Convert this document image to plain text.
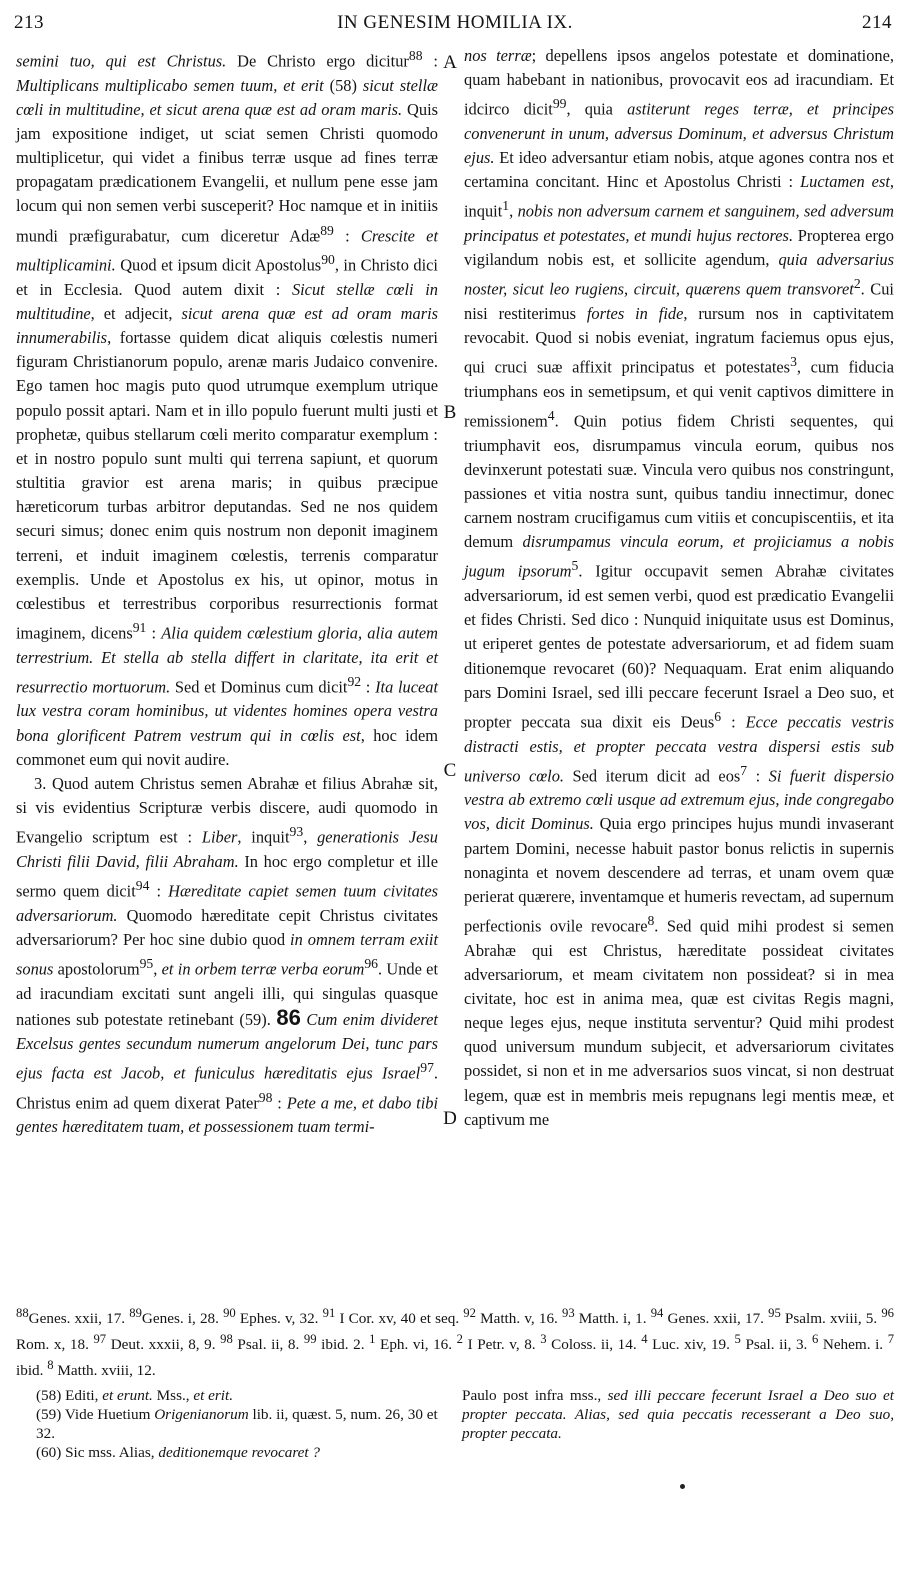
213	IN GENESIM HOMILIA IX.	214

semini tuo, qui est Christus. De Christo ergo dicitur$^{88}$ : Multiplicans multiplicabo semen tuum, et erit (58) sicut stellæ cœli in multitudine, et sicut arena quæ est ad oram maris. Quis jam expositione indiget, ut sciat semen Christi quomodo multiplicetur, qui videt a finibus terræ usque ad fines terræ propagatam prædicationem Evangelii, et nullum pene esse jam locum qui non semen verbi susceperit? Hoc namque et in initiis mundi præfigurabatur, cum diceretur Adæ$^{89}$ : Crescite et multiplicamini. Quod et ipsum dicit Apostolus$^{90}$, in Christo dici et in Ecclesia. Quod autem dixit : Sicut stellæ cœli in multitudine, et adjecit, sicut arena quæ est ad oram maris innumerabilis, fortasse quidem dicat aliquis cœlestis numeri figuram Christianorum populo, arenæ maris Judaico convenire. Ego tamen hoc magis puto quod utrumque exemplum utrique populo possit aptari. Nam et in illo populo fuerunt multi justi et prophetæ, quibus stellarum cœli merito comparatur exemplum : et in nostro populo sunt multi qui terrena sapiunt, et quorum stultitia gravior est arena maris; in quibus præcipue hæreticorum turbas arbitror deputandas. Sed ne nos quidem securi simus; donec enim quis nostrum non deponit imaginem terreni, et induit imaginem cœlestis, terrenis comparatur exemplis. Unde et Apostolus ex his, ut opinor, motus in cœlestibus et terrestribus corporibus resurrectionis format imaginem, dicens$^{91}$ : Alia quidem cœlestium gloria, alia autem terrestrium. Et stella ab stella differt in claritate, ita erit et resurrectio mortuorum. Sed et Dominus cum dicit$^{92}$ : Ita luceat lux vestra coram hominibus, ut videntes homines opera vestra bona glorificent Patrem vestrum qui in cœlis est, hoc idem commonet eum qui novit audire.

3. Quod autem Christus semen Abrahæ et filius Abrahæ sit, si vis evidentius Scripturæ verbis discere, audi quomodo in Evangelio scriptum est : Liber, inquit$^{93}$, generationis Jesu Christi filii David, filii Abraham. In hoc ergo completur et ille sermo quem dicit$^{94}$ : Hæreditate capiet semen tuum civitates adversariorum. Quomodo hæreditate cepit Christus civitates adversariorum? Per hoc sine dubio quod in omnem terram exiit sonus apostolorum$^{95}$, et in orbem terræ verba eorum$^{96}$. Unde et ad iracundiam excitati sunt angeli illi, qui singulas quasque nationes sub potestate retinebant (59). 86 Cum enim divideret Excelsus gentes secundum numerum angelorum Dei, tunc pars ejus facta est Jacob, et funiculus hæreditatis ejus Israel$^{97}$. Christus enim ad quem dixerat Pater$^{98}$ : Pete a me, et dabo tibi gentes hæreditatem tuam, et possessionem tuam termi-

nos terræ; depellens ipsos angelos potestate et dominatione, quam habebant in nationibus, provocavit eos ad iracundiam. Et idcirco dicit$^{99}$, quia astiterunt reges terræ, et principes convenerunt in unum, adversus Dominum, et adversus Christum ejus. Et ideo adversantur etiam nobis, atque agones contra nos et certamina concitant. Hinc et Apostolus Christi : Luctamen est, inquit$^1$, nobis non adversum carnem et sanguinem, sed adversum principatus et potestates, et mundi hujus rectores. Propterea ergo vigilandum nobis est, et sollicite agendum, quia adversarius noster, sicut leo rugiens, circuit, quærens quem transvoret$^2$. Cui nisi restiterimus fortes in fide, rursum nos in captivitatem revocabit. Quod si nobis eveniat, ingratum faciemus opus ejus, qui cruci suæ affixit principatus et potestates$^3$, cum fiducia triumphans eos in semetipsum, et qui venit captivos dimittere in remissionem$^4$. Quin potius fidem Christi sequentes, qui triumphavit eos, disrumpamus vincula eorum, quibus nos devinxerunt potestati suæ. Vincula vero quibus nos constringunt, passiones et vitia nostra sunt, quibus tandiu innectimur, donec carnem nostram crucifigamus cum vitiis et concupiscentiis, et ita demum disrumpamus vincula eorum, et projiciamus a nobis jugum ipsorum$^5$. Igitur occupavit semen Abrahæ civitates adversariorum, id est semen verbi, quod est prædicatio Evangelii et fides Christi. Sed dico : Nunquid iniquitate usus est Dominus, ut eriperet gentes de potestate adversariorum, et ad fidem suam ditionemque revocaret (60)? Nequaquam. Erat enim aliquando pars Domini Israel, sed illi peccare fecerunt Israel a Deo suo, et propter peccata sua dixit eis Deus$^6$ : Ecce peccatis vestris distracti estis, et propter peccata vestra dispersi estis sub universo cœlo. Sed iterum dicit ad eos$^7$ : Si fuerit dispersio vestra ab extremo cœli usque ad extremum ejus, inde congregabo vos, dicit Dominus. Quia ergo principes hujus mundi invaserant partem Domini, necesse habuit pastor bonus relictis in supernis nonaginta et novem descendere ad terras, et unam ovem quæ perierat quærere, inventamque et humeris revectam, ad supernum perfectionis ovile revocare$^8$. Sed quid mihi prodest si semen Abrahæ qui est Christus, hæreditate possideat civitates adversariorum, et meam civitatem non possideat? si in mea civitate, hoc est in anima mea, quæ est civitas Regis magni, neque leges ejus, neque instituta serventur? Quid mihi prodest quod universum mundum subjecit, et adversariorum civitates possidet, si non et in me adversarios suos vincat, si non destruat legem, quæ est in membris meis repugnans legi mentis meæ, et captivum me

A
B
C
D

$^{88}$Genes. xxii, 17. $^{89}$Genes. i, 28. $^{90}$ Ephes. v, 32. $^{91}$ I Cor. xv, 40 et seq. $^{92}$ Matth. v, 16. $^{93}$ Matth. i, 1. $^{94}$ Genes. xxii, 17. $^{95}$ Psalm. xviii, 5. $^{96}$ Rom. x, 18. $^{97}$ Deut. xxxii, 8, 9. $^{98}$ Psal. ii, 8. $^{99}$ ibid. 2. $^1$ Eph. vi, 16. $^2$ I Petr. v, 8. $^3$ Coloss. ii, 14. $^4$ Luc. xiv, 19. $^5$ Psal. ii, 3. $^6$ Nehem. i. $^7$ ibid. $^8$ Matth. xviii, 12.

(58) Editi, et erunt. Mss., et erit.

(59) Vide Huetium Origenianorum lib. ii, quæst. 5, num. 26, 30 et 32.

(60) Sic mss. Alias, deditionemque revocaret ?

Paulo post infra mss., sed illi peccare fecerunt Israel a Deo suo et propter peccata. Alias, sed quia peccatis recesserant a Deo suo, propter peccata.
